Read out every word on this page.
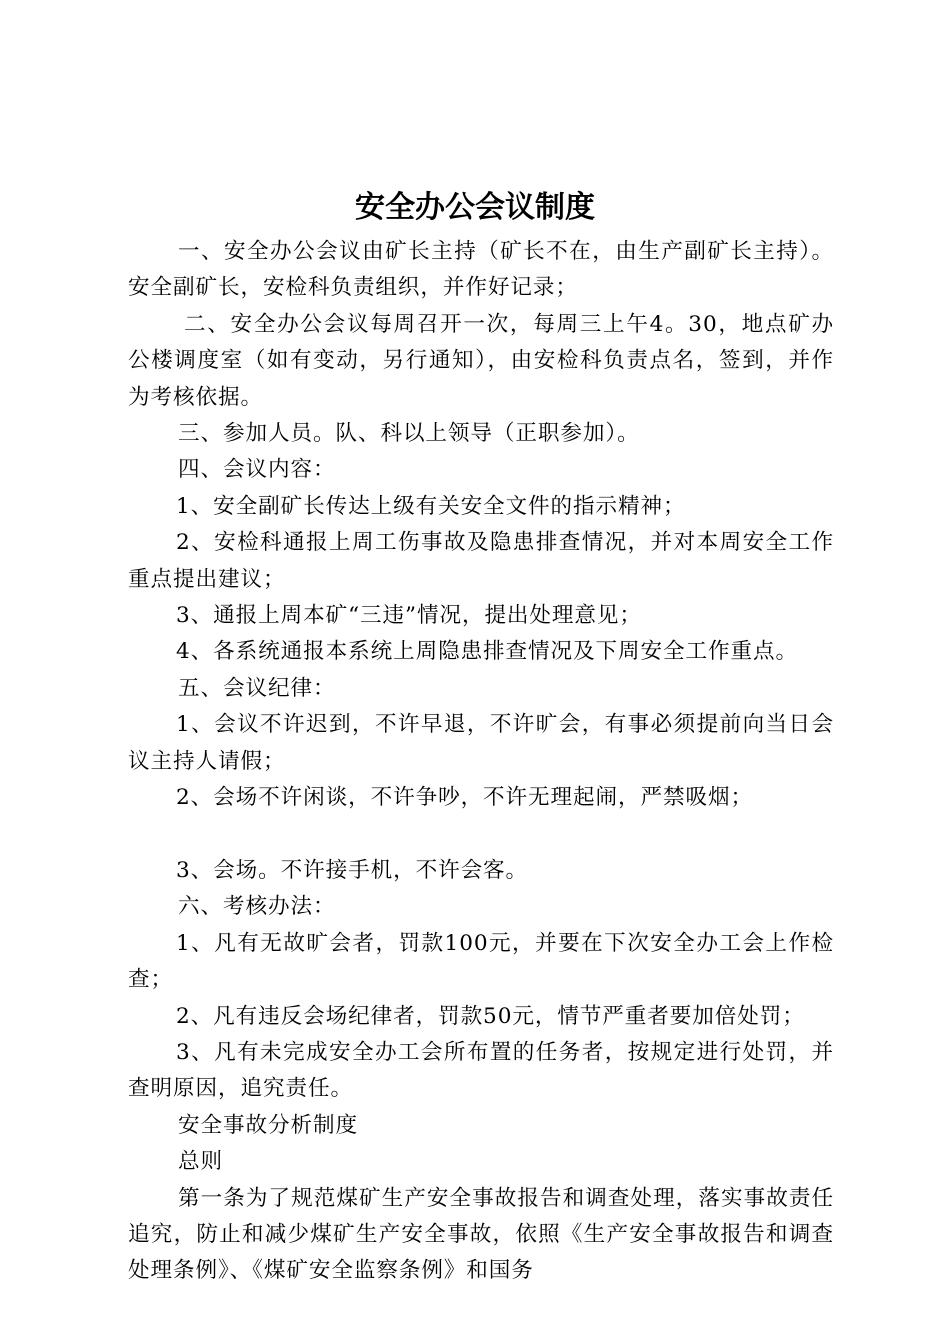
安全办公会议制度

一、安全办公会议由矿长主持（矿长不在，由生产副矿长主持）。安全副矿长，安检科负责组织，并作好记录；

二、安全办公会议每周召开一次，每周三上午4。30，地点矿办公楼调度室（如有变动，另行通知），由安检科负责点名，签到，并作为考核依据。

三、参加人员。队、科以上领导（正职参加）。

四、会议内容：

1、安全副矿长传达上级有关安全文件的指示精神；

2、安检科通报上周工伤事故及隐患排查情况，并对本周安全工作重点提出建议；

3、通报上周本矿“三违”情况，提出处理意见；

4、各系统通报本系统上周隐患排查情况及下周安全工作重点。

五、会议纪律：

1、会议不许迟到，不许早退，不许旷会，有事必须提前向当日会议主持人请假；

2、会场不许闲谈，不许争吵，不许无理起闹，严禁吸烟；

3、会场。不许接手机，不许会客。

六、考核办法：

1、凡有无故旷会者，罚款100元，并要在下次安全办工会上作检查；

2、凡有违反会场纪律者，罚款50元，情节严重者要加倍处罚；

3、凡有未完成安全办工会所布置的任务者，按规定进行处罚，并查明原因，追究责任。

安全事故分析制度

总则

第一条为了规范煤矿生产安全事故报告和调查处理，落实事故责任追究，防止和减少煤矿生产安全事故，依照《生产安全事故报告和调查处理条例》、《煤矿安全监察条例》和国务
